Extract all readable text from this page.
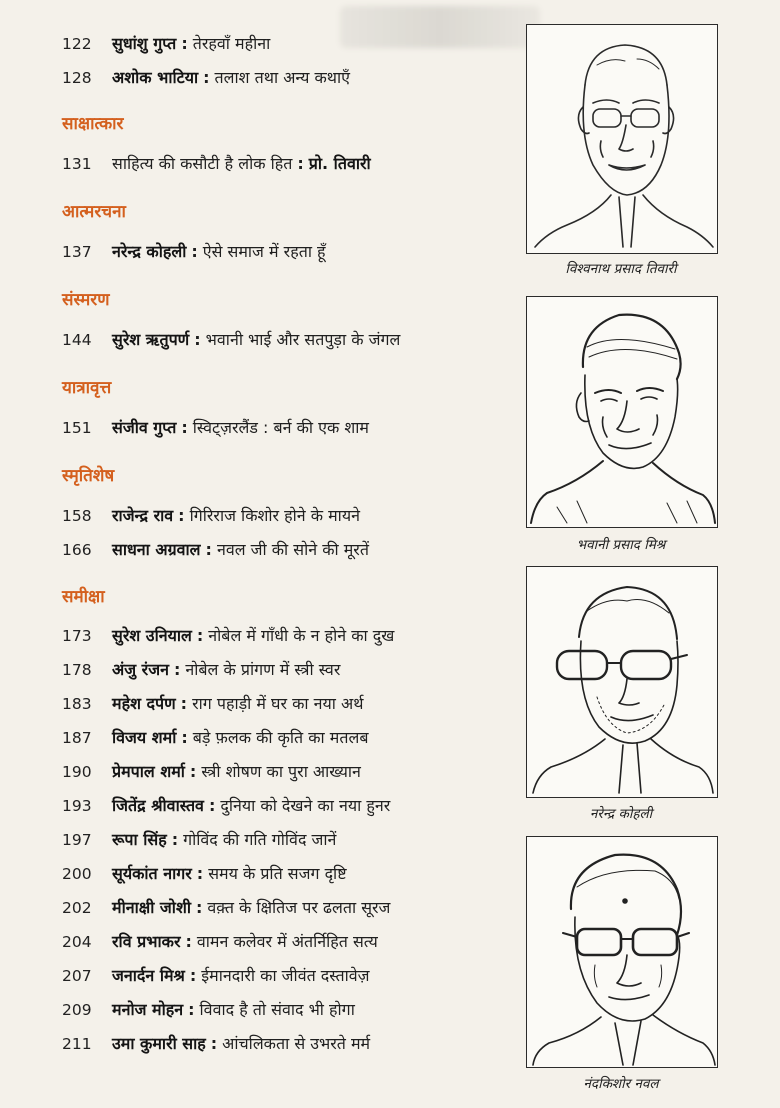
122 सुधांशु गुप्त : तेरहवाँ महीना
128 अशोक भाटिया : तलाश तथा अन्य कथाएँ
साक्षात्कार
131 साहित्य की कसौटी है लोक हित : प्रो. तिवारी
आत्मरचना
137 नरेन्द्र कोहली : ऐसे समाज में रहता हूँ
संस्मरण
144 सुरेश ऋतुपर्ण : भवानी भाई और सतपुड़ा के जंगल
यात्रावृत्त
151 संजीव गुप्त : स्विट्ज़रलैंड : बर्न की एक शाम
स्मृतिशेष
158 राजेन्द्र राव : गिरिराज किशोर होने के मायने
166 साधना अग्रवाल : नवल जी की सोने की मूरतें
समीक्षा
173 सुरेश उनियाल : नोबेल में गाँधी के न होने का दुख
178 अंजु रंजन : नोबेल के प्रांगण में स्त्री स्वर
183 महेश दर्पण : राग पहाड़ी में घर का नया अर्थ
187 विजय शर्मा : बड़े फ़लक की कृति का मतलब
190 प्रेमपाल शर्मा : स्त्री शोषण का पुरा आख्यान
193 जितेंद्र श्रीवास्तव : दुनिया को देखने का नया हुनर
197 रूपा सिंह : गोविंद की गति गोविंद जानें
200 सूर्यकांत नागर : समय के प्रति सजग दृष्टि
202 मीनाक्षी जोशी : वक़्त के क्षितिज पर ढलता सूरज
204 रवि प्रभाकर : वामन कलेवर में अंतर्निहित सत्य
207 जनार्दन मिश्र : ईमानदारी का जीवंत दस्तावेज़
209 मनोज मोहन : विवाद है तो संवाद भी होगा
211 उमा कुमारी साह : आंचलिकता से उभरते मर्म
विश्वनाथ प्रसाद तिवारी
भवानी प्रसाद मिश्र
नरेन्द्र कोहली
नंदकिशोर नवल
